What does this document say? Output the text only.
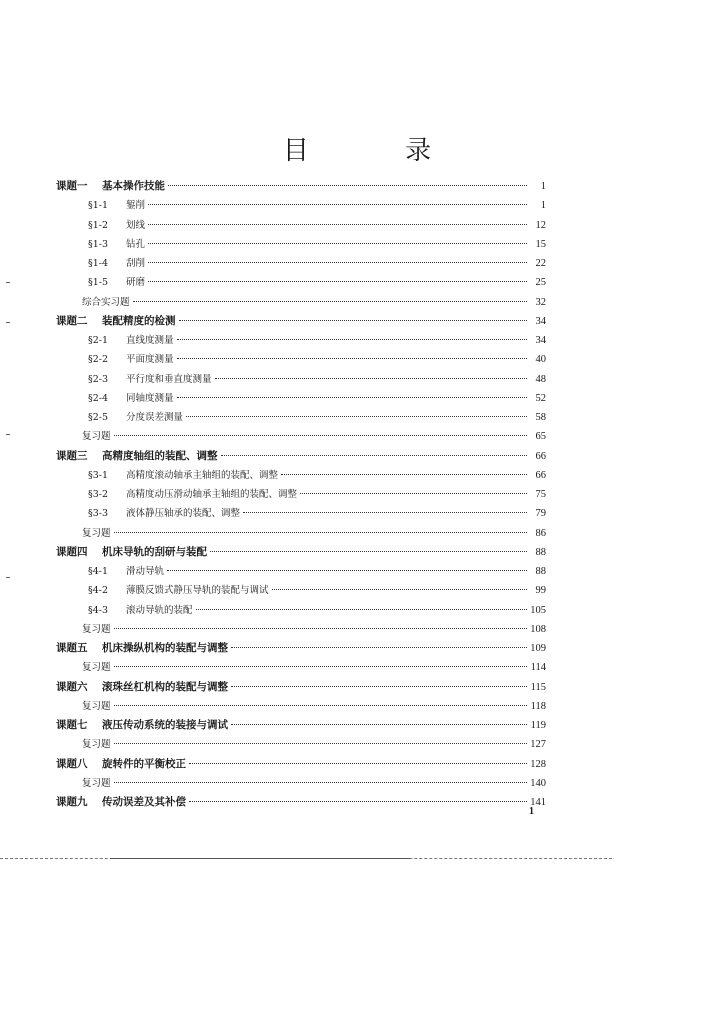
目 录
课题一	基本操作技能	1
§1-1	錾削	1
§1-2	划线	12
§1-3	钻孔	15
§1-4	刮削	22
§1-5	研磨	25
综合实习题	32
课题二	装配精度的检测	34
§2-1	直线度测量	34
§2-2	平面度测量	40
§2-3	平行度和垂直度测量	48
§2-4	同轴度测量	52
§2-5	分度误差测量	58
复习题	65
课题三	高精度轴组的装配、调整	66
§3-1	高精度滚动轴承主轴组的装配、调整	66
§3-2	高精度动压滑动轴承主轴组的装配、调整	75
§3-3	液体静压轴承的装配、调整	79
复习题	86
课题四	机床导轨的刮研与装配	88
§4-1	滑动导轨	88
§4-2	薄膜反馈式静压导轨的装配与调试	99
§4-3	滚动导轨的装配	105
复习题	108
课题五	机床操纵机构的装配与调整	109
复习题	114
课题六	滚珠丝杠机构的装配与调整	115
复习题	118
课题七	液压传动系统的装接与调试	119
复习题	127
课题八	旋转件的平衡校正	128
复习题	140
课题九	传动误差及其补偿	141
1
